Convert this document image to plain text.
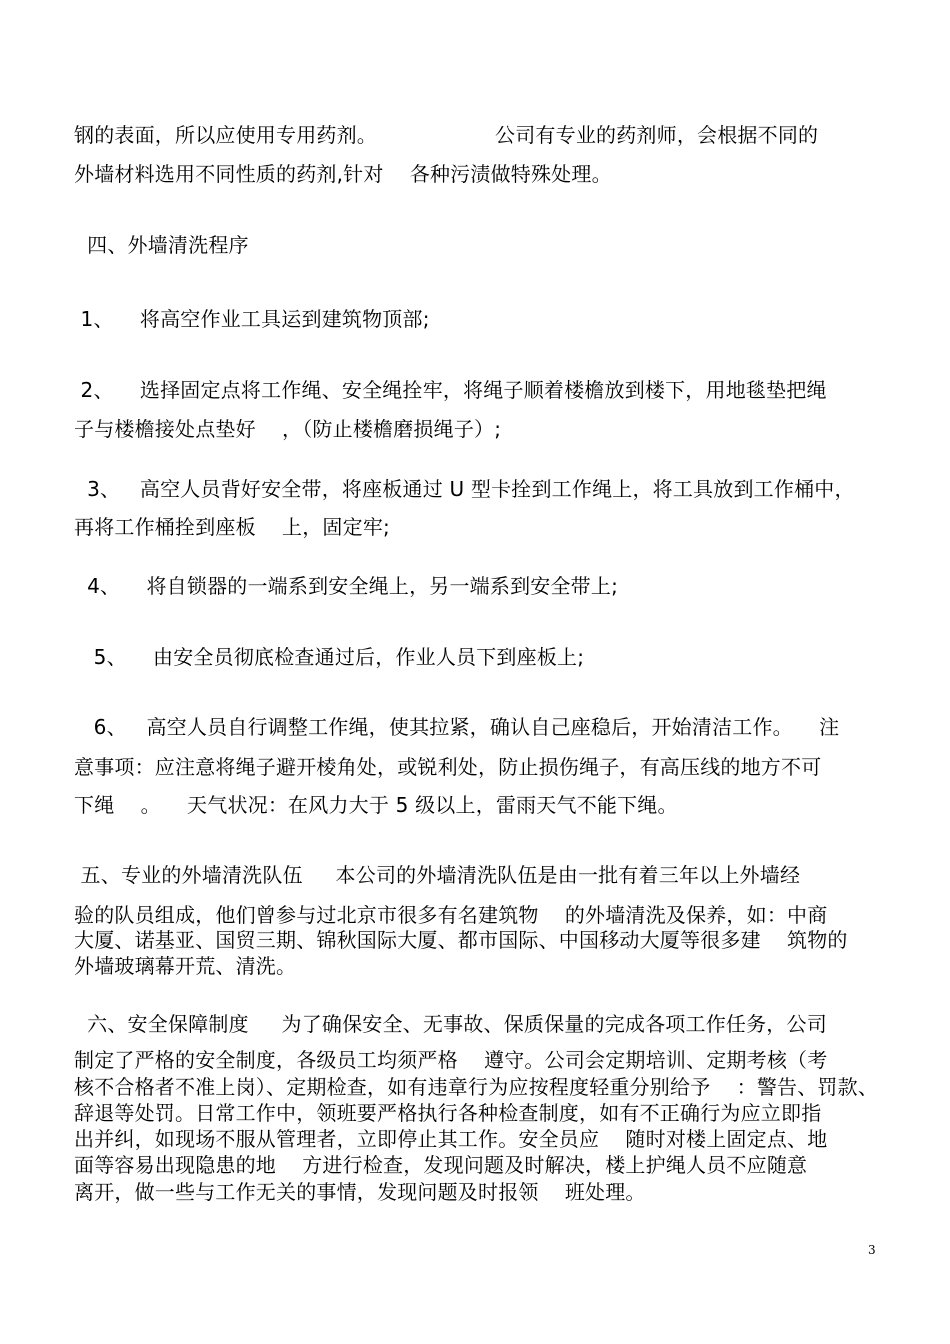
钢的表面，所以应使用专用药剂。                  公司有专业的药剂师，会根据不同的
外墙材料选用不同性质的药剂,针对    各种污渍做特殊处理。
四、外墙清洗程序
1、    将高空作业工具运到建筑物顶部;
2、    选择固定点将工作绳、安全绳拴牢，将绳子顺着楼檐放到楼下，用地毯垫把绳
子与楼檐接处点垫好    ，（防止楼檐磨损绳子）;
3、   高空人员背好安全带，将座板通过 U 型卡拴到工作绳上，将工具放到工作桶中，
再将工作桶拴到座板    上，固定牢;
4、    将自锁器的一端系到安全绳上，另一端系到安全带上;
5、    由安全员彻底检查通过后，作业人员下到座板上;
6、   高空人员自行调整工作绳，使其拉紧，确认自己座稳后，开始清洁工作。    注
意事项：应注意将绳子避开棱角处，或锐利处，防止损伤绳子，有高压线的地方不可
下绳    。    天气状况：在风力大于 5 级以上，雷雨天气不能下绳。
五、专业的外墙清洗队伍     本公司的外墙清洗队伍是由一批有着三年以上外墙经
验的队员组成，他们曾参与过北京市很多有名建筑物    的外墙清洗及保养，如：中商
大厦、诺基亚、国贸三期、锦秋国际大厦、都市国际、中国移动大厦等很多建    筑物的
外墙玻璃幕开荒、清洗。
六、安全保障制度     为了确保安全、无事故、保质保量的完成各项工作任务，公司
制定了严格的安全制度，各级员工均须严格    遵守。公司会定期培训、定期考核（考
核不合格者不准上岗）、定期检查，如有违章行为应按程度轻重分别给予    ：警告、罚款、
辞退等处罚。日常工作中，领班要严格执行各种检查制度，如有不正确行为应立即指
出并纠，如现场不服从管理者，立即停止其工作。安全员应    随时对楼上固定点、地
面等容易出现隐患的地    方进行检查，发现问题及时解决，楼上护绳人员不应随意
离开，做一些与工作无关的事情，发现问题及时报领    班处理。
3
